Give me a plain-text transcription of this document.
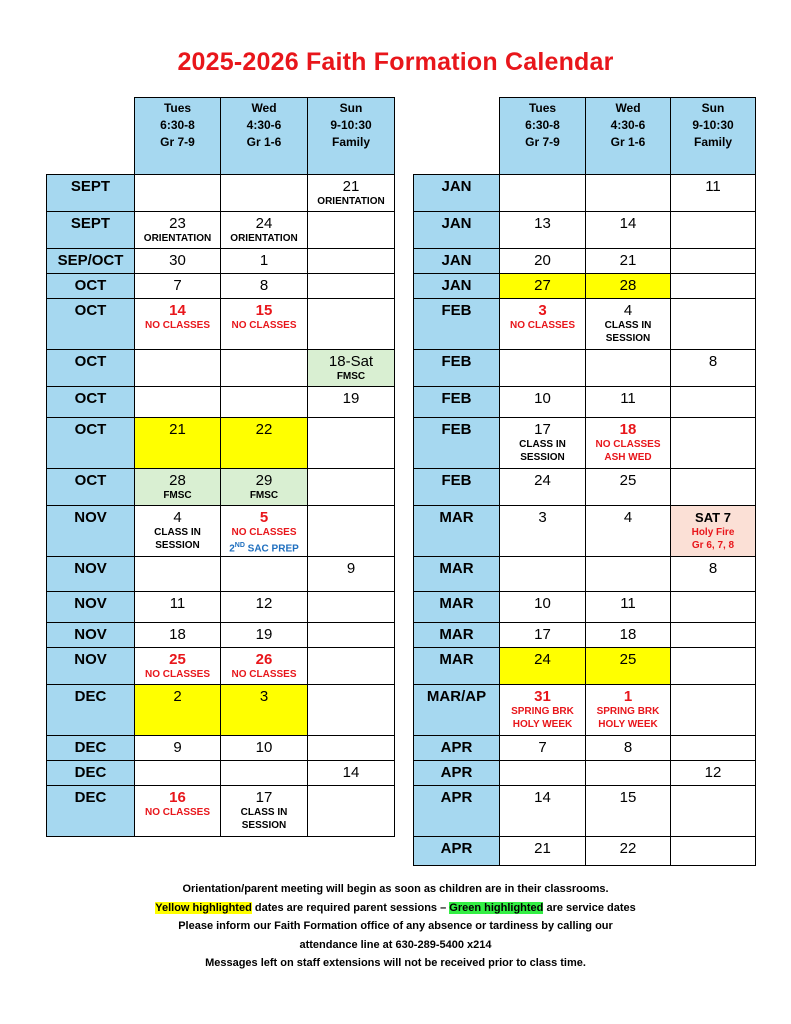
2025-2026 Faith Formation Calendar

	Tues
6:30-8
Gr 7-9	Wed
4:30-6
Gr 1-6	Sun
9-10:30
Family

SEPT			21
ORIENTATION

SEPT	23
ORIENTATION	24
ORIENTATION	

SEP/OCT	30	1	

OCT	7	8	

OCT	14
NO CLASSES	15
NO CLASSES	

OCT			18-Sat
FMSC

OCT			19

OCT	21	22	

OCT	28
FMSC	29
FMSC	

NOV	4
CLASS IN
SESSION	5
NO CLASSES
2ND SAC PREP	

NOV			9

NOV	11	12	

NOV	18	19	

NOV	25
NO CLASSES	26
NO CLASSES	

DEC	2	3	

DEC	9	10	

DEC			14

DEC	16
NO CLASSES	17
CLASS IN
SESSION	

	Tues
6:30-8
Gr 7-9	Wed
4:30-6
Gr 1-6	Sun
9-10:30
Family

JAN			11

JAN	13	14	

JAN	20	21	

JAN	27	28	

FEB	3
NO CLASSES	4
CLASS IN
SESSION	

FEB			8

FEB	10	11	

FEB	17
CLASS IN
SESSION	18
NO CLASSES
ASH WED	

FEB	24	25	

MAR	3	4	SAT 7
Holy Fire
Gr 6, 7, 8

MAR			8

MAR	10	11	

MAR	17	18	

MAR	24	25	

MAR/AP	31
SPRING BRK
HOLY WEEK	1
SPRING BRK
HOLY WEEK	

APR	7	8	

APR			12

APR	14	15	

APR	21	22	

Orientation/parent meeting will begin as soon as children are in their classrooms.
Yellow highlighted dates are required parent sessions – Green highlighted are service dates
Please inform our Faith Formation office of any absence or tardiness by calling our
attendance line at 630-289-5400 x214
Messages left on staff extensions will not be received prior to class time.
